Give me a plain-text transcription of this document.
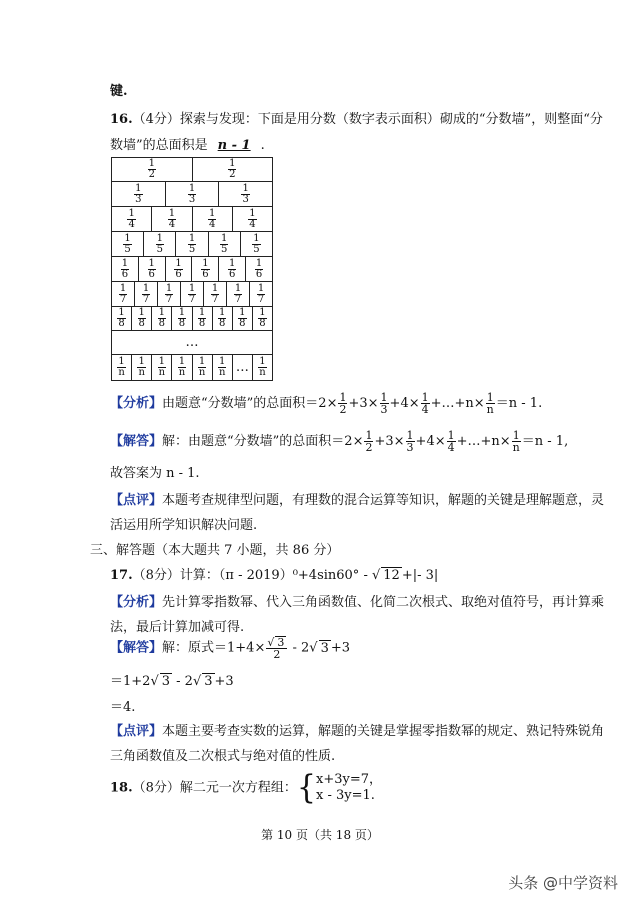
键.
16.（4分）探索与发现：下面是用分数（数字表示面积）砌成的“分数墙”，则整面“分
数墙”的总面积是 n - 1 .
$\frac{1}{2}$	$\frac{1}{2}$
$\frac{1}{3}$	$\frac{1}{3}$	$\frac{1}{3}$
$\frac{1}{4}$	$\frac{1}{4}$	$\frac{1}{4}$	$\frac{1}{4}$
$\frac{1}{5} \frac{1}{5} \frac{1}{5} \frac{1}{5} \frac{1}{5}$
$\frac{1}{6} \frac{1}{6} \frac{1}{6} \frac{1}{6} \frac{1}{6} \frac{1}{6}$
$\frac{1}{7} \frac{1}{7} \frac{1}{7} \frac{1}{7} \frac{1}{7} \frac{1}{7} \frac{1}{7}$
$\frac{1}{8} \frac{1}{8} \frac{1}{8} \frac{1}{8} \frac{1}{8} \frac{1}{8} \frac{1}{8} \frac{1}{8}$
…
$\frac{1}{n} \frac{1}{n} \frac{1}{n} \frac{1}{n} \frac{1}{n} \frac{1}{n}$ … $\frac{1}{n}$
【分析】由题意“分数墙”的总面积$=2\times \frac{1}{2} +3\times \frac{1}{3} +4\times \frac{1}{4}$ +…+n× $\frac{1}{n} =n - 1$.
【解答】解：由题意“分数墙”的总面积$=2\times \frac{1}{2} +3\times \frac{1}{3} +4\times \frac{1}{4}$ +…+n× $\frac{1}{n} =n - 1$,
故答案为 n - 1.
【点评】本题考查规律型问题，有理数的混合运算等知识，解题的关键是理解题意，灵
活运用所学知识解决问题.
三、解答题（本大题共 7 小题，共 86 分）
17.（8分）计算：（π - 2019）⁰+4sin60° - √ 12 +|- 3|
【分析】先计算零指数幂、代入三角函数值、化简二次根式、取绝对值符号，再计算乘
法，最后计算加减可得.
【解答】解：原式$=1+4\times \frac{√ 3}{2} - 2√$ 3 +3
＝1+2√ 3 - 2√ 3 +3
＝4.
【点评】本题主要考查实数的运算，解题的关键是掌握零指数幂的规定、熟记特殊锐角
三角函数值及二次根式与绝对值的性质.
18.（8分）解二元一次方程组：{ x+3y=7，
x - 3y=1.
第 10 页（共 18 页）
头条 @中学资料
